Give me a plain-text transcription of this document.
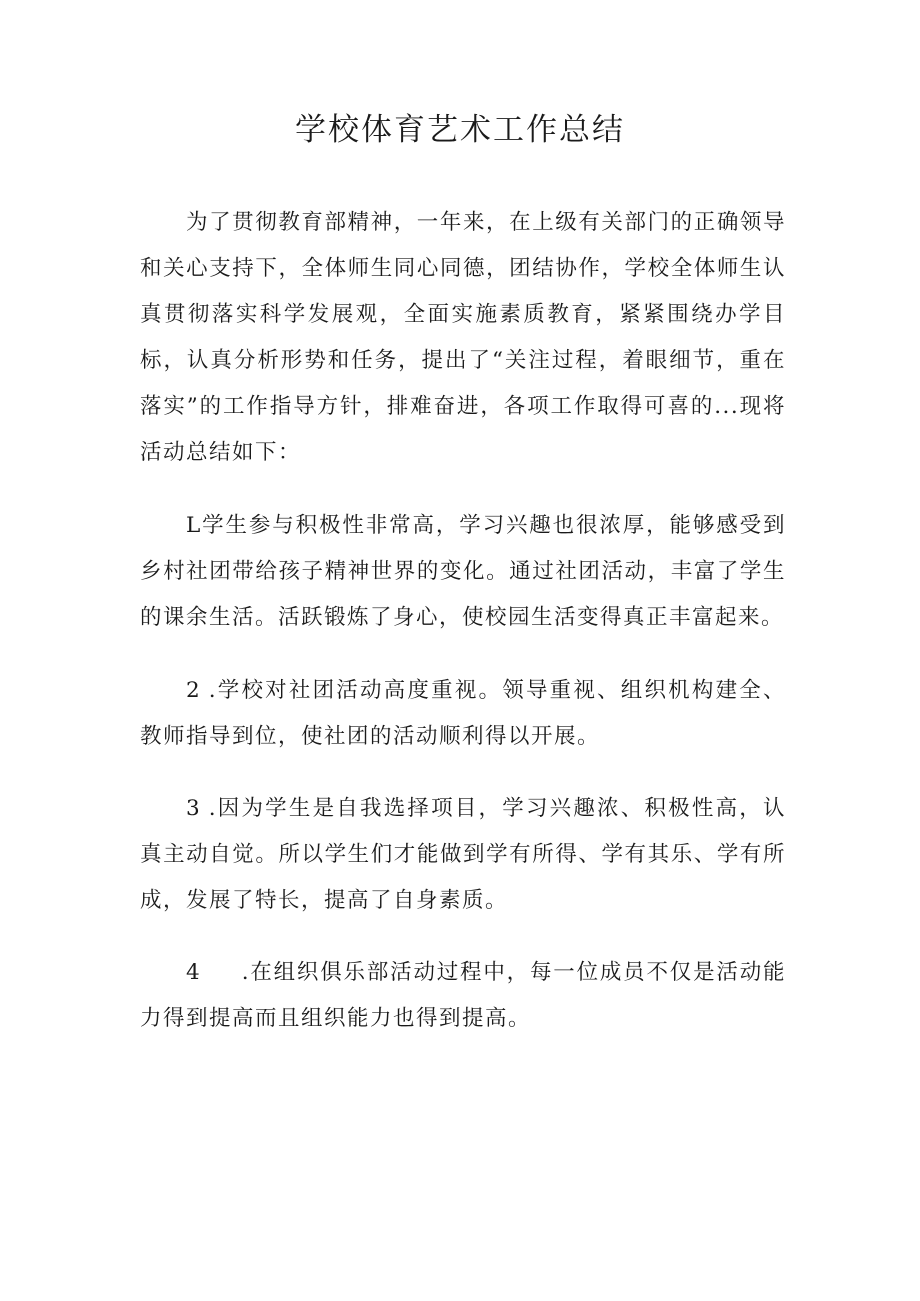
学校体育艺术工作总结

为了贯彻教育部精神，一年来，在上级有关部门的正确领导和关心支持下，全体师生同心同德，团结协作，学校全体师生认真贯彻落实科学发展观，全面实施素质教育，紧紧围绕办学目标，认真分析形势和任务，提出了“关注过程，着眼细节，重在落实”的工作指导方针，排难奋进，各项工作取得可喜的...现将活动总结如下：

L学生参与积极性非常高，学习兴趣也很浓厚，能够感受到乡村社团带给孩子精神世界的变化。通过社团活动，丰富了学生的课余生活。活跃锻炼了身心，使校园生活变得真正丰富起来。

2 .学校对社团活动高度重视。领导重视、组织机构建全、教师指导到位，使社团的活动顺利得以开展。

3 .因为学生是自我选择项目，学习兴趣浓、积极性高，认真主动自觉。所以学生们才能做到学有所得、学有其乐、学有所成，发展了特长，提高了自身素质。

4 .在组织俱乐部活动过程中，每一位成员不仅是活动能力得到提高而且组织能力也得到提高。
